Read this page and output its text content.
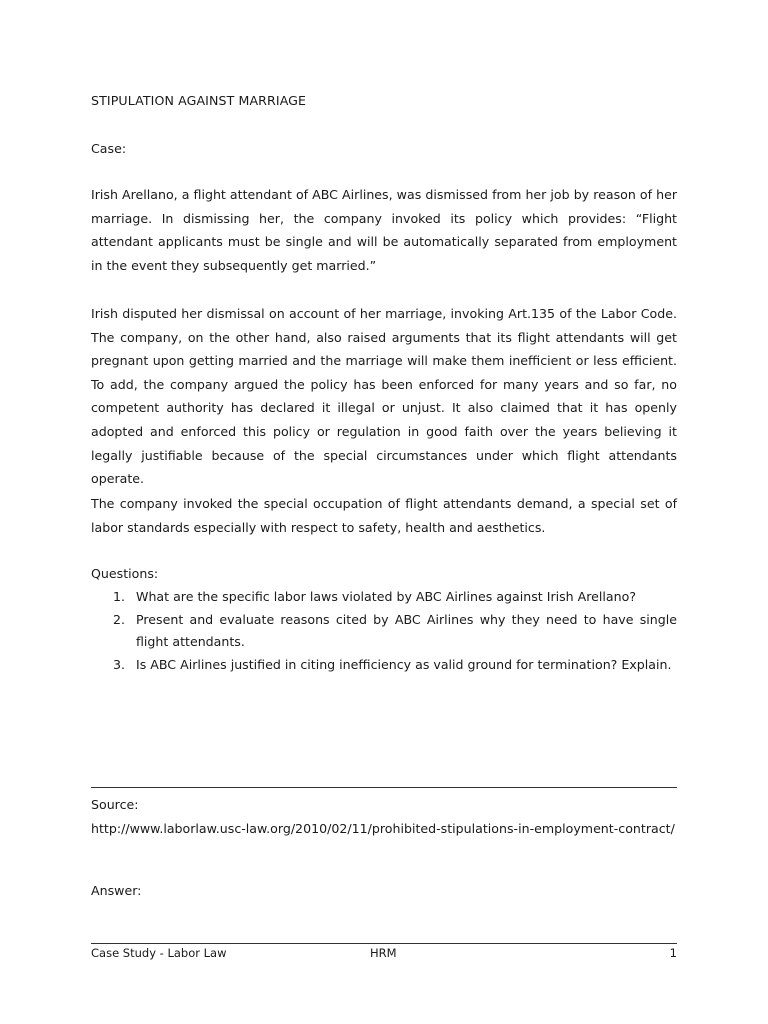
STIPULATION AGAINST MARRIAGE
Case:

Irish Arellano, a flight attendant of ABC Airlines, was dismissed from her job by reason of her marriage. In dismissing her, the company invoked its policy which provides: “Flight attendant applicants must be single and will be automatically separated from employment in the event they subsequently get married.”

Irish disputed her dismissal on account of her marriage, invoking Art.135 of the Labor Code. The company, on the other hand, also raised arguments that its flight attendants will get pregnant upon getting married and the marriage will make them inefficient or less efficient. To add, the company argued the policy has been enforced for many years and so far, no competent authority has declared it illegal or unjust. It also claimed that it has openly adopted and enforced this policy or regulation in good faith over the years believing it legally justifiable because of the special circumstances under which flight attendants operate.

The company invoked the special occupation of flight attendants demand, a special set of labor standards especially with respect to safety, health and aesthetics.

Questions:
1. What are the specific labor laws violated by ABC Airlines against Irish Arellano?
2. Present and evaluate reasons cited by ABC Airlines why they need to have single flight attendants.
3. Is ABC Airlines justified in citing inefficiency as valid ground for termination? Explain.
Source:
http://www.laborlaw.usc-law.org/2010/02/11/prohibited-stipulations-in-employment-contract/
Answer:
Case Study - Labor Law	HRM	1
